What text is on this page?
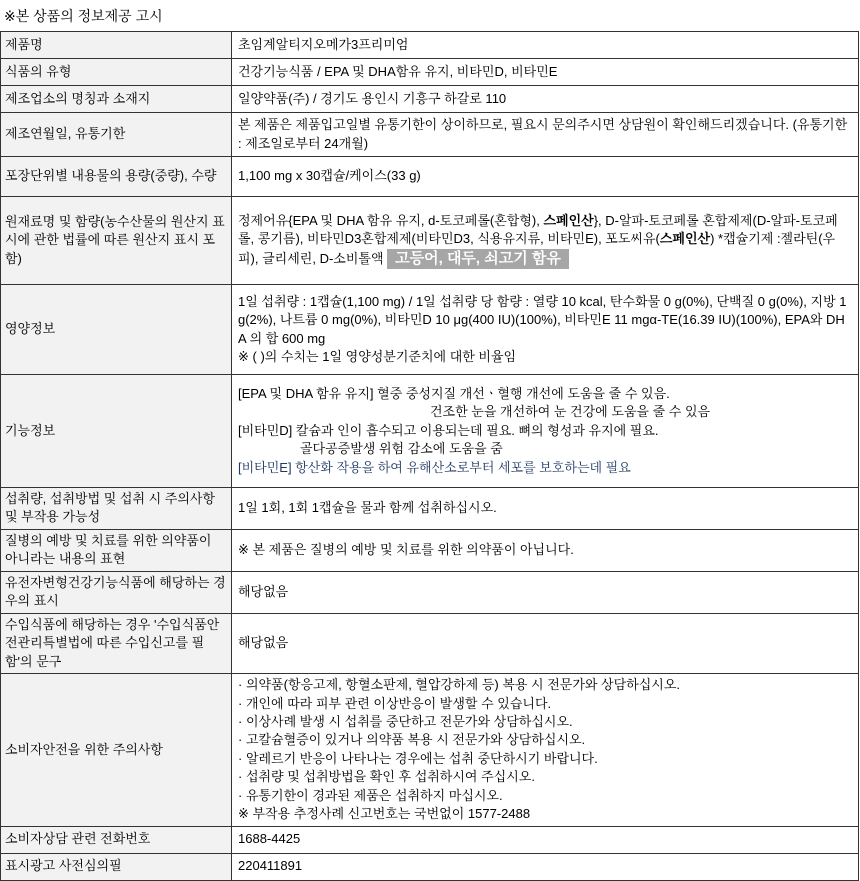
※본 상품의 정보제공 고시
제품명	초임계알티지오메가3프리미엄
식품의 유형	건강기능식품 / EPA 및 DHA함유 유지, 비타민D, 비타민E
제조업소의 명칭과 소재지	일양약품(주) / 경기도 용인시 기흥구 하갈로 110
제조연월일, 유통기한	본 제품은 제품입고일별 유통기한이 상이하므로, 필요시 문의주시면 상담원이 확인해드리겠습니다. (유통기한 : 제조일로부터 24개월)
포장단위별 내용물의 용량(중량), 수량	1,100 mg x 30캡슐/케이스(33 g)
원재료명 및 함량(농수산물의 원산지 표시에 관한 법률에 따른 원산지 표시 포함)	정제어유{EPA 및 DHA 함유 유지, d-토코페롤(혼합형), 스페인산}, D-알파-토코페롤 혼합제제(D-알파-토코페롤, 콩기름), 비타민D3혼합제제(비타민D3, 식용유지류, 비타민E), 포도씨유(스페인산) *캡슐기제 :젤라틴(우피), 글리세린, D-소비톨액 고등어, 대두, 쇠고기 함유
영양정보	1일 섭취량 : 1캡슐(1,100 mg) / 1일 섭취량 당 함량 : 열량 10 kcal, 탄수화물 0 g(0%), 단백질 0 g(0%), 지방 1 g(2%), 나트륨 0 mg(0%), 비타민D 10 μg(400 IU)(100%), 비타민E 11 mgα-TE(16.39 IU)(100%), EPA와 DHA 의 합 600 mg
※ ( )의 수치는 1일 영양성분기준치에 대한 비율임

기능정보	[EPA 및 DHA 함유 유지] 혈중 중성지질 개선ㆍ혈행 개선에 도움을 줄 수 있음.
건조한 눈을 개선하여 눈 건강에 도움을 줄 수 있음
[비타민D] 칼슘과 인이 흡수되고 이용되는데 필요. 뼈의 형성과 유지에 필요.
골다공증발생 위험 감소에 도움을 줌
[비타민E] 항산화 작용을 하여 유해산소로부터 세포를 보호하는데 필요

섭취량, 섭취방법 및 섭취 시 주의사항 및 부작용 가능성	1일 1회, 1회 1캡슐을 물과 함께 섭취하십시오.
질병의 예방 및 치료를 위한 의약품이 아니라는 내용의 표현	※ 본 제품은 질병의 예방 및 치료를 위한 의약품이 아닙니다.
유전자변형건강기능식품에 해당하는 경우의 표시	해당없음
수입식품에 해당하는 경우 '수입식품안전관리특별법에 따른 수입신고를 필함'의 문구	해당없음
소비자안전을 위한 주의사항	
· 의약품(항응고제, 항혈소판제, 혈압강하제 등) 복용 시 전문가와 상담하십시오.
· 개인에 따라 피부 관련 이상반응이 발생할 수 있습니다.
· 이상사례 발생 시 섭취를 중단하고 전문가와 상담하십시오.
· 고칼슘혈증이 있거나 의약품 복용 시 전문가와 상담하십시오.
· 알레르기 반응이 나타나는 경우에는 섭취 중단하시기 바랍니다.
· 섭취량 및 섭취방법을 확인 후 섭취하시여 주십시오.
· 유통기한이 경과된 제품은 섭취하지 마십시오.
※ 부작용 추정사례 신고번호는 국번없이 1577-2488

소비자상담 관련 전화번호	1688-4425
표시광고 사전심의필	220411891
